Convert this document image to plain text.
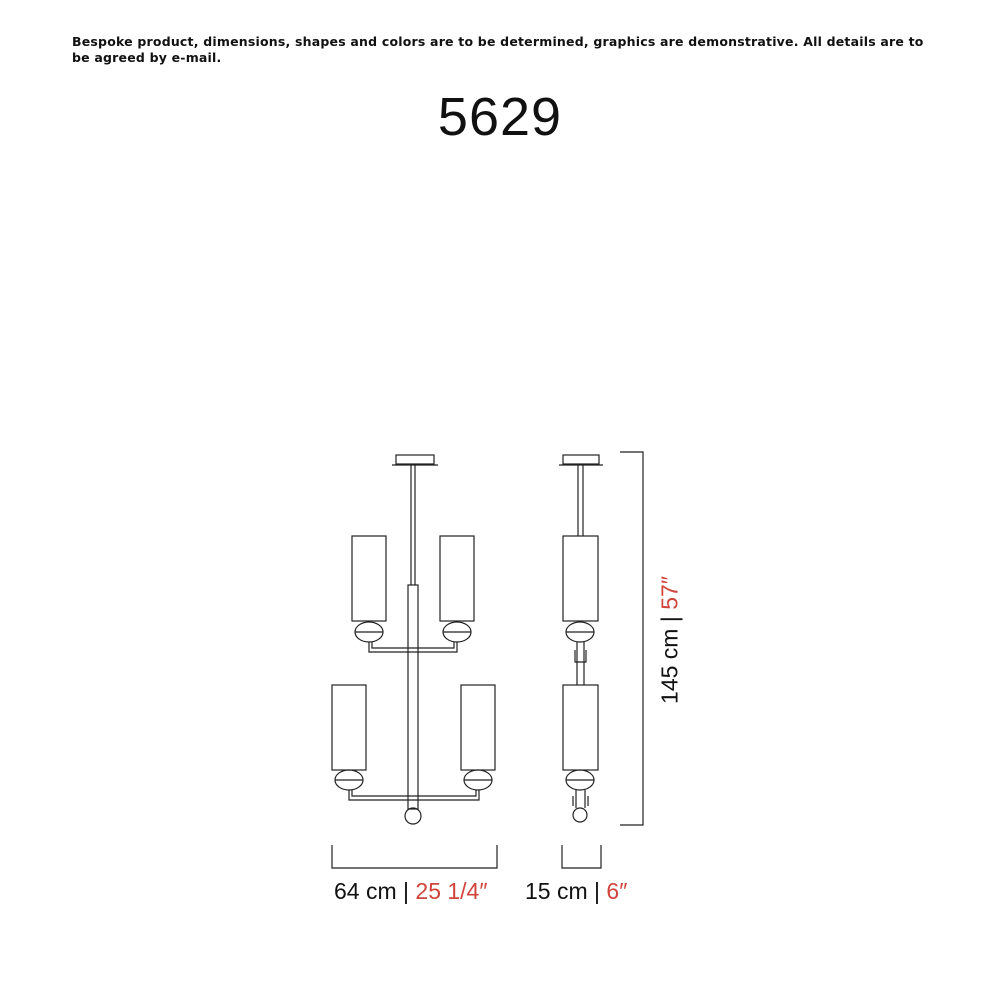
Bespoke product, dimensions, shapes and colors are to be determined, graphics are demonstrative. All details are to be agreed by e-mail.
5629
64 cm | 25 1/4″ 15 cm | 6″
145 cm | 57″
